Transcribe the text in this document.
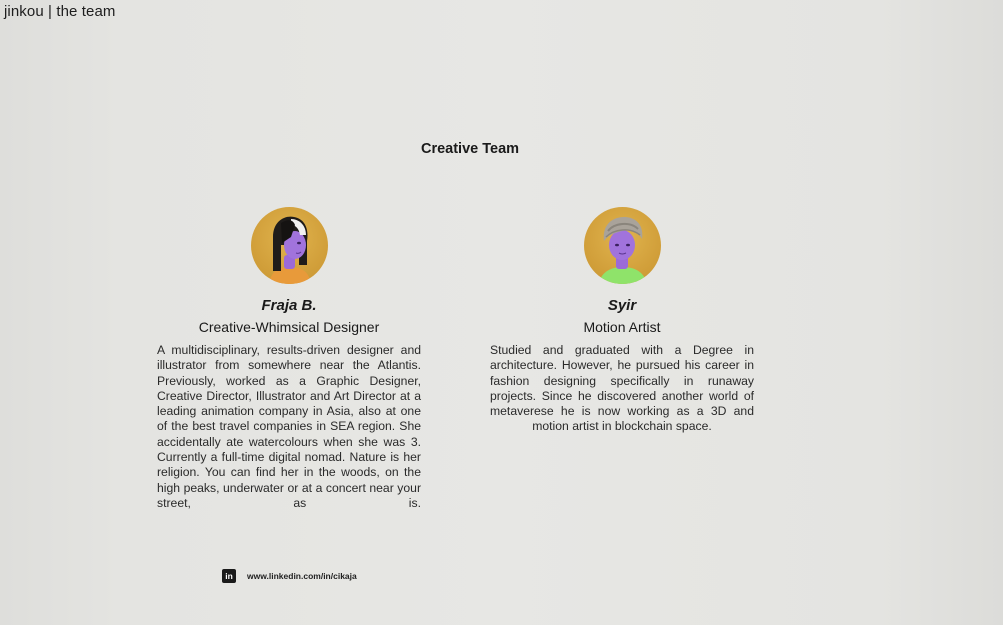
jinkou | the team
Creative Team
Fraja B.
Creative-Whimsical Designer
A multidisciplinary, results-driven designer and illustrator from somewhere near the Atlantis. Previously, worked as a Graphic Designer, Creative Director, Illustrator and Art Director at a leading animation company in Asia, also at one of the best travel companies in SEA region. She accidentally ate watercolours when she was 3. Currently a full-time digital nomad. Nature is her religion. You can find her in the woods, on the high peaks, underwater or at a concert near your street, as is.
Syir
Motion Artist
Studied and graduated with a Degree in architecture. However, he pursued his career in fashion designing specifically in runaway projects. Since he discovered another world of metaverese he is now working as a 3D and motion artist in blockchain space.
in	www.linkedin.com/in/cikaja
